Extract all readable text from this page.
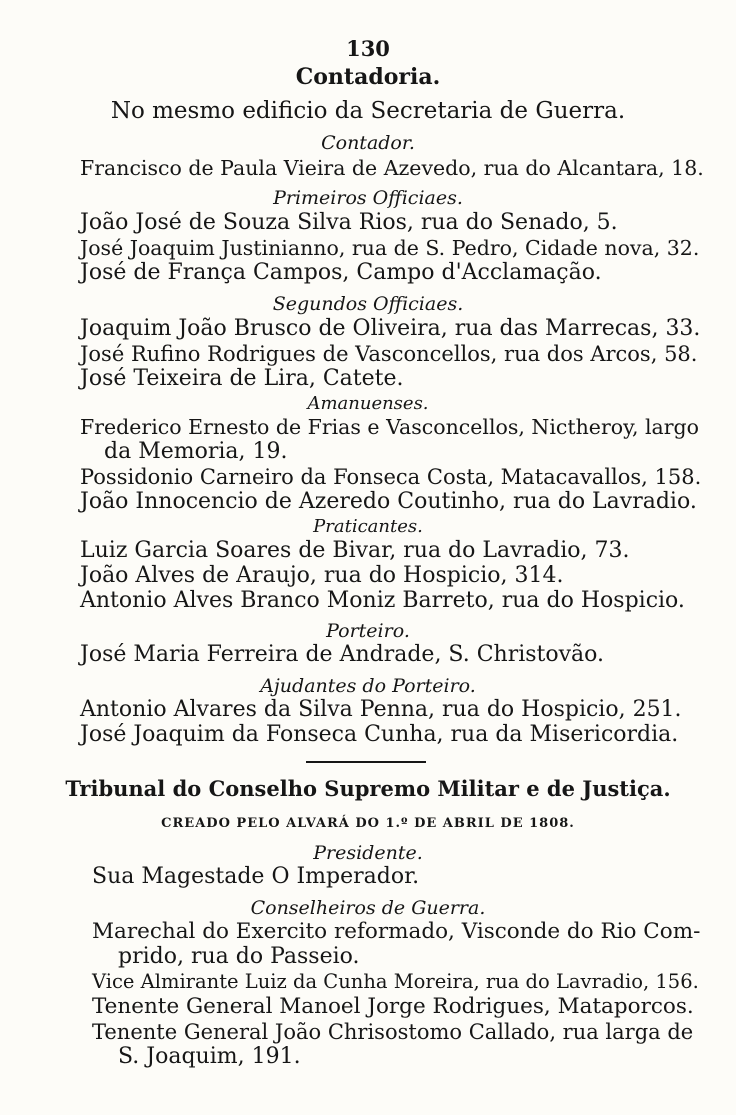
130
Contadoria.
No mesmo edificio da Secretaria de Guerra.
Contador.
Francisco de Paula Vieira de Azevedo, rua do Alcantara, 18.
Primeiros Officiaes.
João José de Souza Silva Rios, rua do Senado, 5.
José Joaquim Justinianno, rua de S. Pedro, Cidade nova, 32.
José de França Campos, Campo d'Acclamação.
Segundos Officiaes.
Joaquim João Brusco de Oliveira, rua das Marrecas, 33.
José Rufino Rodrigues de Vasconcellos, rua dos Arcos, 58.
José Teixeira de Lira, Catete.
Amanuenses.
Frederico Ernesto de Frias e Vasconcellos, Nictheroy, largo
da Memoria, 19.
Possidonio Carneiro da Fonseca Costa, Matacavallos, 158.
João Innocencio de Azeredo Coutinho, rua do Lavradio.
Praticantes.
Luiz Garcia Soares de Bivar, rua do Lavradio, 73.
João Alves de Araujo, rua do Hospicio, 314.
Antonio Alves Branco Moniz Barreto, rua do Hospicio.
Porteiro.
José Maria Ferreira de Andrade, S. Christovão.
Ajudantes do Porteiro.
Antonio Alvares da Silva Penna, rua do Hospicio, 251.
José Joaquim da Fonseca Cunha, rua da Misericordia.
Tribunal do Conselho Supremo Militar e de Justiça.
CREADO PELO ALVARÁ DO 1.º DE ABRIL DE 1808.
Presidente.
Sua Magestade O Imperador.
Conselheiros de Guerra.
Marechal do Exercito reformado, Visconde do Rio Com-
prido, rua do Passeio.
Vice Almirante Luiz da Cunha Moreira, rua do Lavradio, 156.
Tenente General Manoel Jorge Rodrigues, Mataporcos.
Tenente General João Chrisostomo Callado, rua larga de
S. Joaquim, 191.
